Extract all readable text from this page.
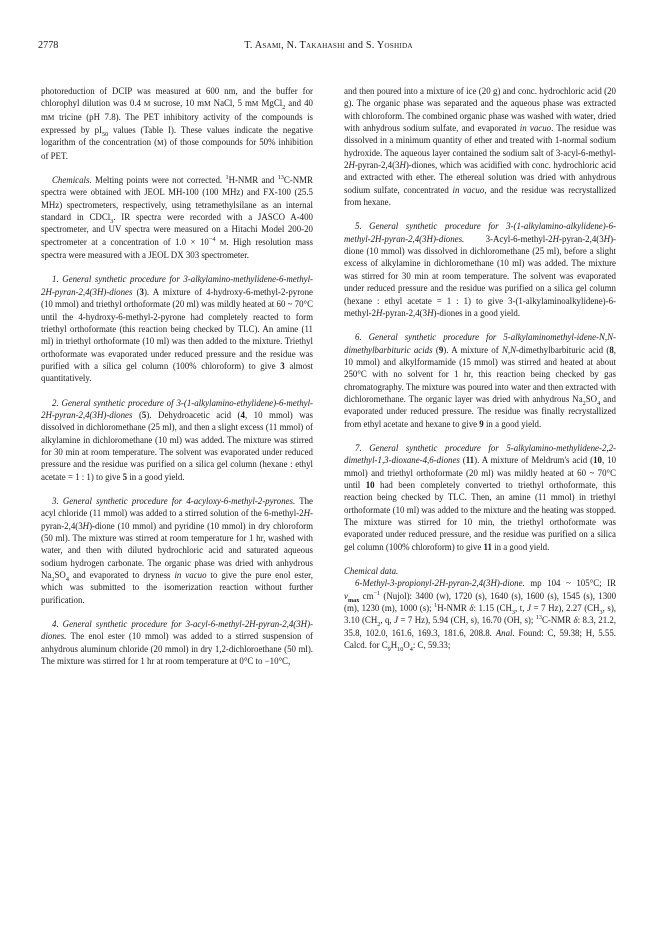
2778	T. ASAMI, N. TAKAHASHI and S. YOSHIDA

photoreduction of DCIP was measured at 600 nm, and the buffer for chlorophyl dilution was 0.4 M sucrose, 10 mM NaCl, 5 mM MgCl$_2$ and 40 mM tricine (pH 7.8). The PET inhibitory activity of the compounds is expressed by $pI_{50}$ values (Table I). These values indicate the negative logarithm of the concentration (M) of those compounds for 50% inhibition of PET.

Chemicals. Melting points were not corrected. $^1$H-NMR and $^{13}$C-NMR spectra were obtained with JEOL MH-100 (100 MHz) and FX-100 (25.5 MHz) spectrometers, respectively, using tetramethylsilane as an internal standard in CDCl$_3$. IR spectra were recorded with a JASCO A-400 spectrometer, and UV spectra were measured on a Hitachi Model 200-20 spectrometer at a concentration of $1.0 \times 10^{-4}$ M. High resolution mass spectra were measured with a JEOL DX 303 spectrometer.

1. General synthetic procedure for 3-alkylamino-methylidene-6-methyl-2H-pyran-2,4(3H)-diones (3). A mixture of 4-hydroxy-6-methyl-2-pyrone (10 mmol) and triethyl orthoformate (20 ml) was mildly heated at 60 ~ 70°C until the 4-hydroxy-6-methyl-2-pyrone had completely reacted to form triethyl orthoformate (this reaction being checked by TLC). An amine (11 ml) in triethyl orthoformate (10 ml) was then added to the mixture. Triethyl orthoformate was evaporated under reduced pressure and the residue was purified with a silica gel column (100% chloroform) to give 3 almost quantitatively.

2. General synthetic procedure of 3-(1-alkylamino-ethylidene)-6-methyl-2H-pyran-2,4(3H)-diones (5). Dehydroacetic acid (4, 10 mmol) was dissolved in dichloromethane (25 ml), and then a slight excess (11 mmol) of alkylamine in dichloromethane (10 ml) was added. The mixture was stirred for 30 min at room temperature. The solvent was evaporated under reduced pressure and the residue was purified on a silica gel column (hexane : ethyl acetate = 1 : 1) to give 5 in a good yield.

3. General synthetic procedure for 4-acyloxy-6-methyl-2-pyrones. The acyl chloride (11 mmol) was added to a stirred solution of the 6-methyl-2H-pyran-2,4(3H)-dione (10 mmol) and pyridine (10 mmol) in dry chloroform (50 ml). The mixture was stirred at room temperature for 1 hr, washed with water, and then with diluted hydrochloric acid and saturated aqueous sodium hydrogen carbonate. The organic phase was dried with anhydrous $Na_2SO_4$ and evaporated to dryness in vacuo to give the pure enol ester, which was submitted to the isomerization reaction without further purification.

4. General synthetic procedure for 3-acyl-6-methyl-2H-pyran-2,4(3H)-diones. The enol ester (10 mmol) was added to a stirred suspension of anhydrous aluminum chloride (20 mmol) in dry 1,2-dichloroethane (50 ml). The mixture was stirred for 1 hr at room temperature at 0°C to −10°C,

and then poured into a mixture of ice (20 g) and conc. hydrochloric acid (20 g). The organic phase was separated and the aqueous phase was extracted with chloroform. The combined organic phase was washed with water, dried with anhydrous sodium sulfate, and evaporated in vacuo. The residue was dissolved in a minimum quantity of ether and treated with 1-normal sodium hydroxide. The aqueous layer contained the sodium salt of 3-acyl-6-methyl-2H-pyran-2,4(3H)-diones, which was acidified with conc. hydrochloric acid and extracted with ether. The ethereal solution was dried with anhydrous sodium sulfate, concentrated in vacuo, and the residue was recrystallized from hexane.

5. General synthetic procedure for 3-(1-alkylamino-alkylidene)-6-methyl-2H-pyran-2,4(3H)-diones. 3-Acyl-6-methyl-2H-pyran-2,4(3H)-dione (10 mmol) was dissolved in dichloromethane (25 ml), before a slight excess of alkylamine in dichloromethane (10 ml) was added. The mixture was stirred for 30 min at room temperature. The solvent was evaporated under reduced pressure and the residue was purified on a silica gel column (hexane : ethyl acetate = 1 : 1) to give 3-(1-alkylaminoalkylidene)-6-methyl-2H-pyran-2,4(3H)-diones in a good yield.

6. General synthetic procedure for 5-alkylaminomethyl-idene-N,N-dimethylbarbituric acids (9). A mixture of N,N-dimethylbarbituric acid (8, 10 mmol) and alkylformamide (15 mmol) was stirred and heated at about 250°C with no solvent for 1 hr, this reaction being checked by gas chromatography. The mixture was poured into water and then extracted with dichloromethane. The organic layer was dried with anhydrous $Na_2SO_4$ and evaporated under reduced pressure. The residue was finally recrystallized from ethyl acetate and hexane to give 9 in a good yield.

7. General synthetic procedure for 5-alkylamino-methylidene-2,2-dimethyl-1,3-dioxane-4,6-diones (11). A mixture of Meldrum's acid (10, 10 mmol) and triethyl orthoformate (20 ml) was mildly heated at 60 ~ 70°C until 10 had been completely converted to triethyl orthoformate, this reaction being checked by TLC. Then, an amine (11 mmol) in triethyl orthoformate (10 ml) was added to the mixture and the heating was stopped. The mixture was stirred for 10 min, the triethyl orthoformate was evaporated under reduced pressure, and the residue was purified on a silica gel column (100% chloroform) to give 11 in a good yield.

Chemical data.

6-Methyl-3-propionyl-2H-pyran-2,4(3H)-dione. mp 104 ~ 105°C; IR $\nu_{max}$ $cm^{-1}$ (Nujol): 3400 (w), 1720 (s), 1640 (s), 1600 (s), 1545 (s), 1300 (m), 1230 (m), 1000 (s); $^1$H-NMR δ: 1.15 ($CH_3$, t, J = 7 Hz), 2.27 ($CH_3$, s), 3.10 ($CH_2$, q, J = 7 Hz), 5.94 (CH, s), 16.70 (OH, s); $^{13}$C-NMR δ: 8.3, 21.2, 35.8, 102.0, 161.6, 169.3, 181.6, 208.8. Anal. Found: C, 59.38; H, 5.55. Calcd. for $C_9H_{10}O_4$: C, 59.33;
